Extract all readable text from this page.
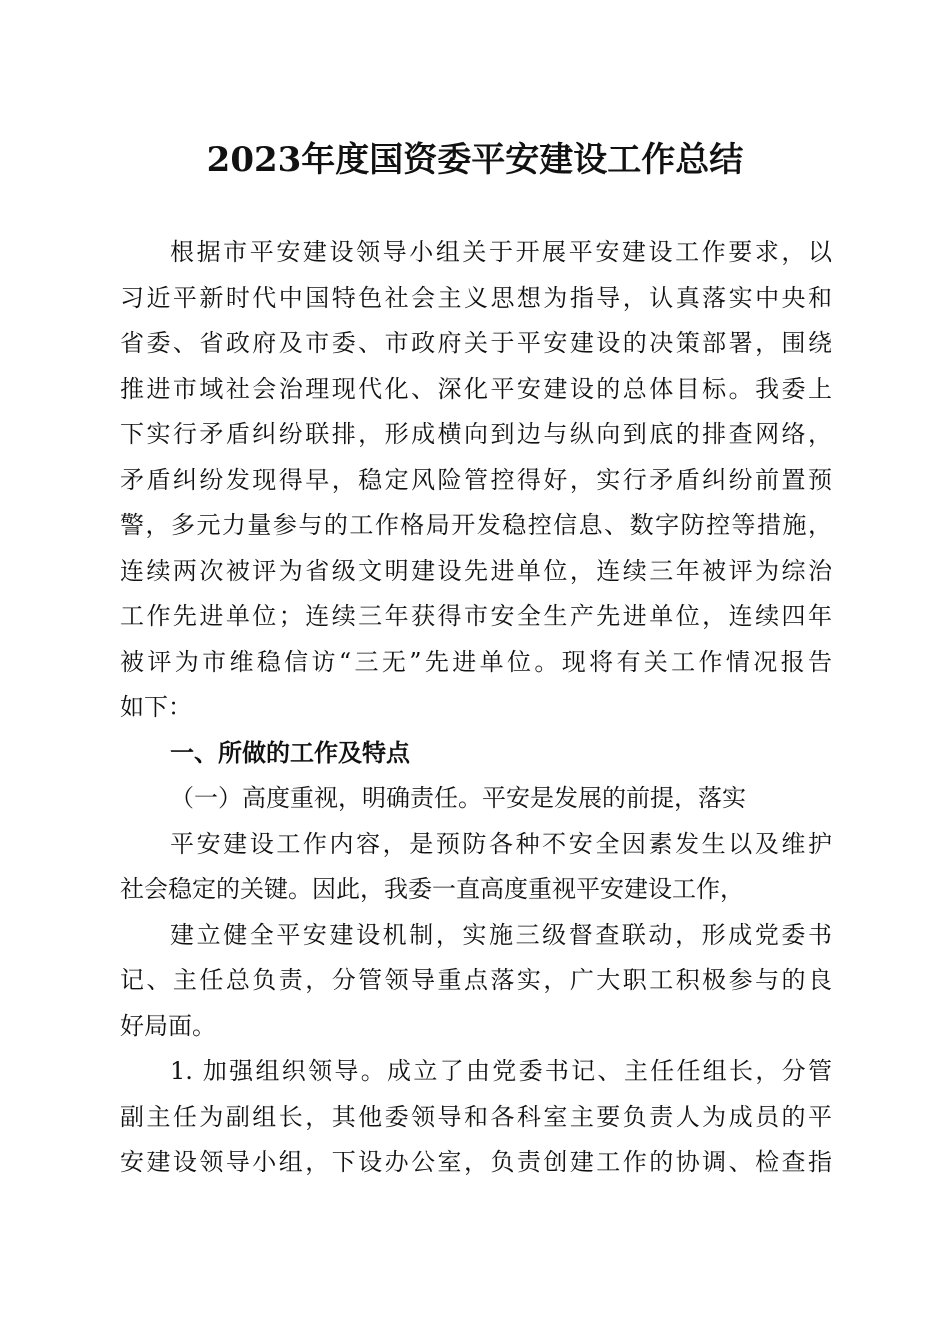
2023年度国资委平安建设工作总结
根据市平安建设领导小组关于开展平安建设工作要求，以
习近平新时代中国特色社会主义思想为指导，认真落实中央和
省委、省政府及市委、市政府关于平安建设的决策部署，围绕
推进市域社会治理现代化、深化平安建设的总体目标。我委上
下实行矛盾纠纷联排，形成横向到边与纵向到底的排查网络，
矛盾纠纷发现得早，稳定风险管控得好，实行矛盾纠纷前置预
警，多元力量参与的工作格局开发稳控信息、数字防控等措施，
连续两次被评为省级文明建设先进单位，连续三年被评为综治
工作先进单位；连续三年获得市安全生产先进单位，连续四年
被评为市维稳信访“三无”先进单位。现将有关工作情况报告
如下：
一、所做的工作及特点
（一）高度重视，明确责任。平安是发展的前提，落实
平安建设工作内容，是预防各种不安全因素发生以及维护
社会稳定的关键。因此，我委一直高度重视平安建设工作，
建立健全平安建设机制，实施三级督查联动，形成党委书
记、主任总负责，分管领导重点落实，广大职工积极参与的良
好局面。
1. 加强组织领导。成立了由党委书记、主任任组长，分管
副主任为副组长，其他委领导和各科室主要负责人为成员的平
安建设领导小组，下设办公室，负责创建工作的协调、检查指
